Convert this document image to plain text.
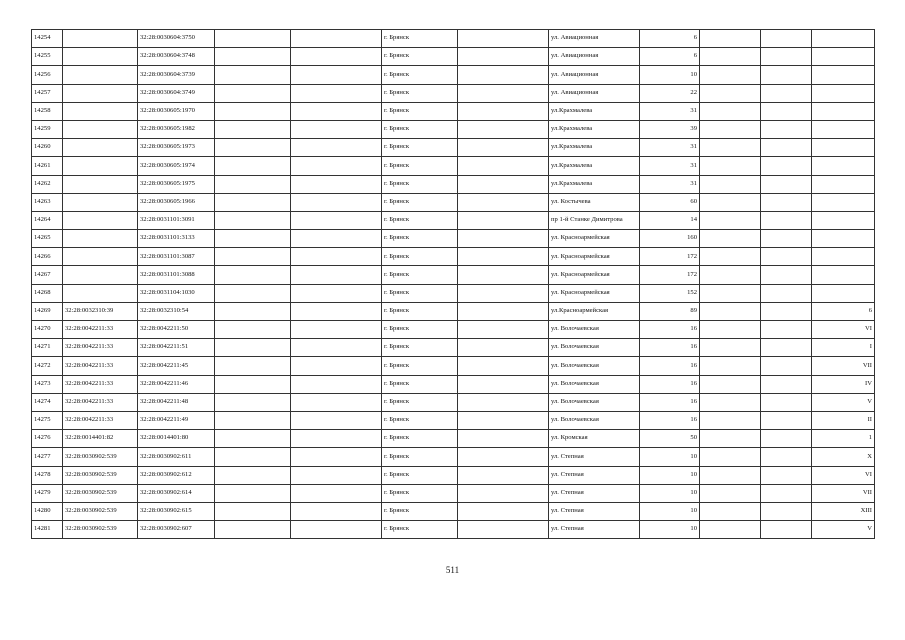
14254		32:28:0030604:3750			г. Брянск		ул. Авиационная	6			
14255		32:28:0030604:3748			г. Брянск		ул. Авиационная	6			
14256		32:28:0030604:3739			г. Брянск		ул. Авиационная	10			
14257		32:28:0030604:3749			г. Брянск		ул. Авиационная	22			
14258		32:28:0030605:1970			г. Брянск		ул.Крахмалева	31			
14259		32:28:0030605:1982			г. Брянск		ул.Крахмалева	39			
14260		32:28:0030605:1973			г. Брянск		ул.Крахмалева	31			
14261		32:28:0030605:1974			г. Брянск		ул.Крахмалева	31			
14262		32:28:0030605:1975			г. Брянск		ул.Крахмалева	31			
14263		32:28:0030605:1966			г. Брянск		ул. Костычева	60			
14264		32:28:0031101:3091			г. Брянск		пр 1-й Станке Димитрова	14			
14265		32:28:0031101:3133			г. Брянск		ул. Красноармейская	160			
14266		32:28:0031101:3087			г. Брянск		ул. Красноармейская	172			
14267		32:28:0031101:3088			г. Брянск		ул. Красноармейская	172			
14268		32:28:0031104:1030			г. Брянск		ул. Красноармейская	152			
14269	32:28:0032310:39	32:28:0032310:54			г. Брянск		ул.Красноармейская	89			6
14270	32:28:0042211:33	32:28:0042211:50			г. Брянск		ул. Волочаевская	16			VI
14271	32:28:0042211:33	32:28:0042211:51			г. Брянск		ул. Волочаевская	16			I
14272	32:28:0042211:33	32:28:0042211:45			г. Брянск		ул. Волочаевская	16			VII
14273	32:28:0042211:33	32:28:0042211:46			г. Брянск		ул. Волочаевская	16			IV
14274	32:28:0042211:33	32:28:0042211:48			г. Брянск		ул. Волочаевская	16			V
14275	32:28:0042211:33	32:28:0042211:49			г. Брянск		ул. Волочаевская	16			II
14276	32:28:0014401:82	32:28:0014401:80			г. Брянск		ул. Кромская	50			1
14277	32:28:0030902:539	32:28:0030902:611			г. Брянск		ул. Степная	10			X
14278	32:28:0030902:539	32:28:0030902:612			г. Брянск		ул. Степная	10			VI
14279	32:28:0030902:539	32:28:0030902:614			г. Брянск		ул. Степная	10			VII
14280	32:28:0030902:539	32:28:0030902:615			г. Брянск		ул. Степная	10			XIII
14281	32:28:0030902:539	32:28:0030902:607			г. Брянск		ул. Степная	10			V
511
